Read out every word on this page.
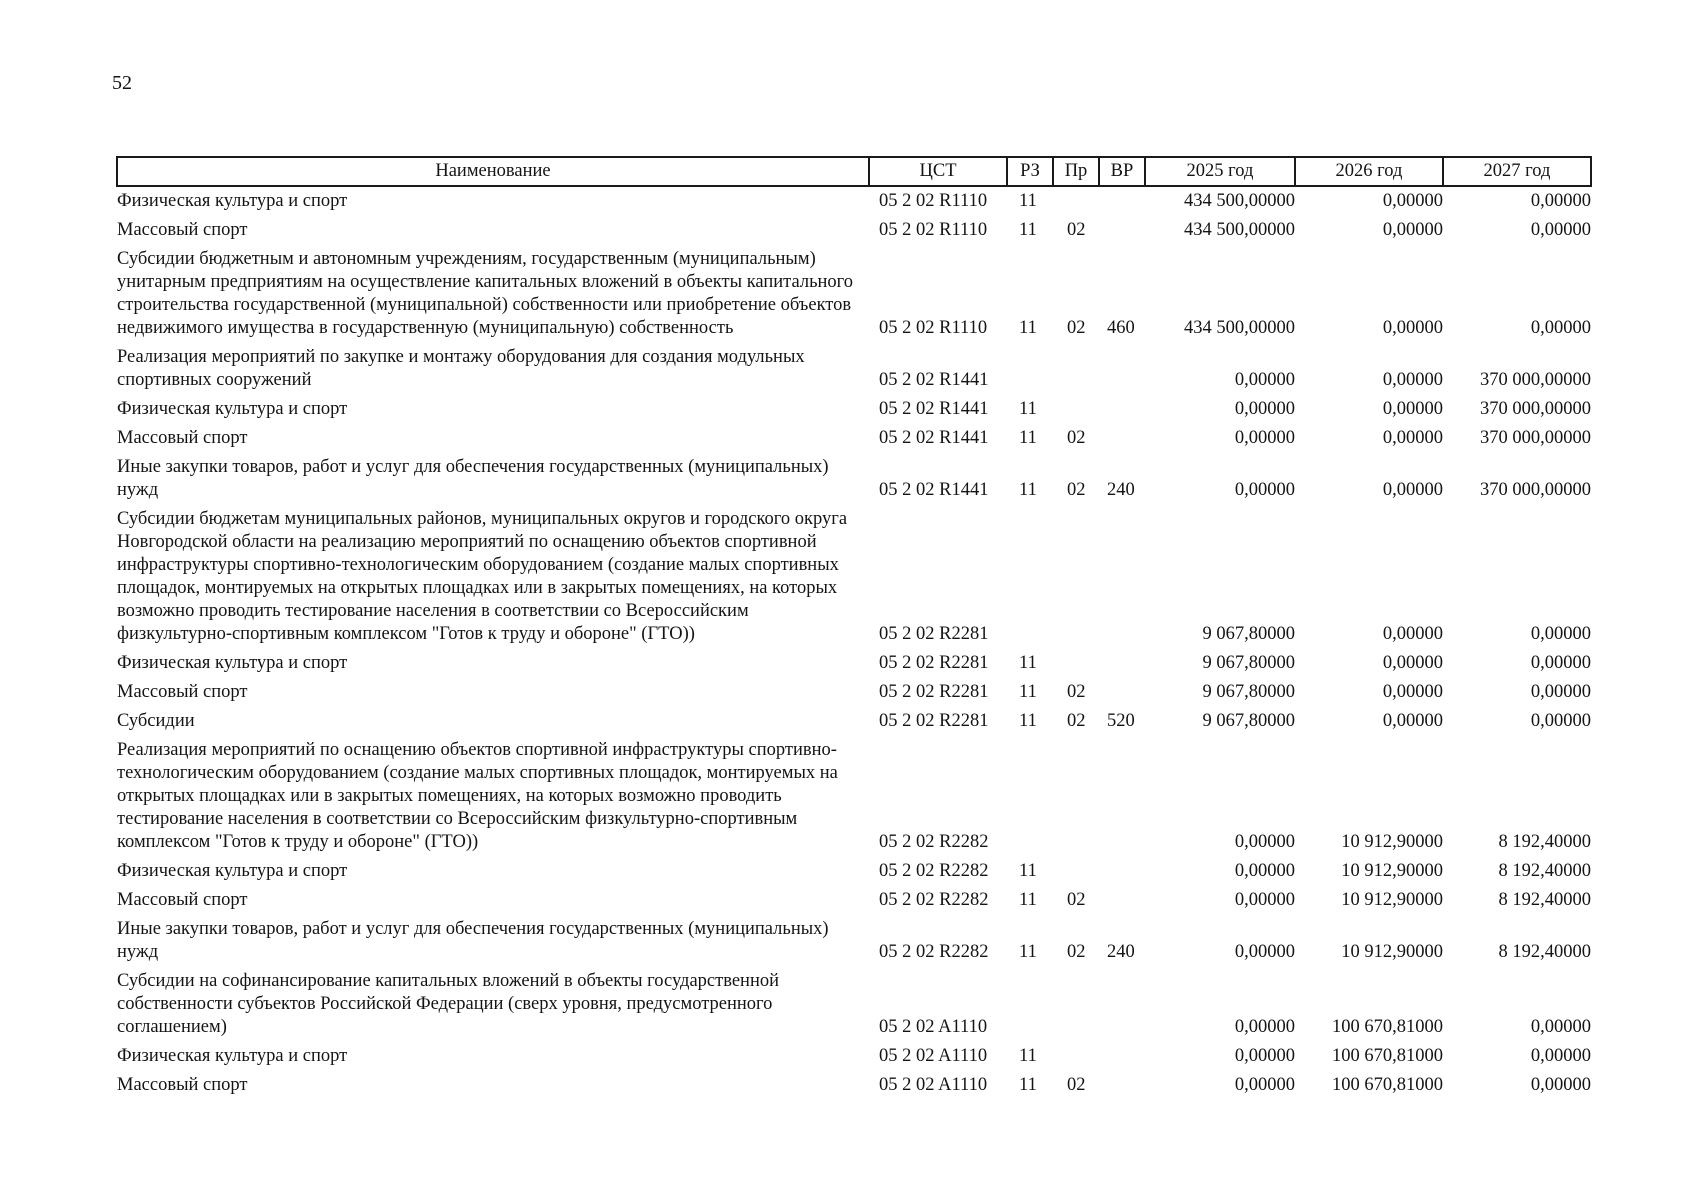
52
Наименование	ЦСТ	РЗ	Пр	ВР	2025 год	2026 год	2027 год
Физическая культура и спорт	05 2 02 R1110	11			434 500,00000	0,00000	0,00000
Массовый спорт	05 2 02 R1110	11	02		434 500,00000	0,00000	0,00000
Субсидии бюджетным и автономным учреждениям, государственным (муниципальным) унитарным предприятиям на осуществление капитальных вложений в объекты капитального строительства государственной (муниципальной) собственности или приобретение объектов недвижимого имущества в государственную (муниципальную) собственность	05 2 02 R1110	11	02	460	434 500,00000	0,00000	0,00000
Реализация мероприятий по закупке и монтажу оборудования для создания модульных спортивных сооружений	05 2 02 R1441				0,00000	0,00000	370 000,00000
Физическая культура и спорт	05 2 02 R1441	11			0,00000	0,00000	370 000,00000
Массовый спорт	05 2 02 R1441	11	02		0,00000	0,00000	370 000,00000
Иные закупки товаров, работ и услуг для обеспечения государственных (муниципальных) нужд	05 2 02 R1441	11	02	240	0,00000	0,00000	370 000,00000
Субсидии бюджетам муниципальных районов, муниципальных округов и городского округа Новгородской области на реализацию мероприятий по оснащению объектов спортивной инфраструктуры спортивно-технологическим оборудованием (создание малых спортивных площадок, монтируемых на открытых площадках или в закрытых помещениях, на которых возможно проводить тестирование населения в соответствии со Всероссийским физкультурно-спортивным комплексом "Готов к труду и обороне" (ГТО))	05 2 02 R2281				9 067,80000	0,00000	0,00000
Физическая культура и спорт	05 2 02 R2281	11			9 067,80000	0,00000	0,00000
Массовый спорт	05 2 02 R2281	11	02		9 067,80000	0,00000	0,00000
Субсидии	05 2 02 R2281	11	02	520	9 067,80000	0,00000	0,00000
Реализация мероприятий по оснащению объектов спортивной инфраструктуры спортивно-технологическим оборудованием (создание малых спортивных площадок, монтируемых на открытых площадках или в закрытых помещениях, на которых возможно проводить тестирование населения в соответствии со Всероссийским физкультурно-спортивным комплексом "Готов к труду и обороне" (ГТО))	05 2 02 R2282				0,00000	10 912,90000	8 192,40000
Физическая культура и спорт	05 2 02 R2282	11			0,00000	10 912,90000	8 192,40000
Массовый спорт	05 2 02 R2282	11	02		0,00000	10 912,90000	8 192,40000
Иные закупки товаров, работ и услуг для обеспечения государственных (муниципальных) нужд	05 2 02 R2282	11	02	240	0,00000	10 912,90000	8 192,40000
Субсидии на софинансирование капитальных вложений в объекты государственной собственности субъектов Российской Федерации (сверх уровня, предусмотренного соглашением)	05 2 02 A1110				0,00000	100 670,81000	0,00000
Физическая культура и спорт	05 2 02 A1110	11			0,00000	100 670,81000	0,00000
Массовый спорт	05 2 02 A1110	11	02		0,00000	100 670,81000	0,00000
